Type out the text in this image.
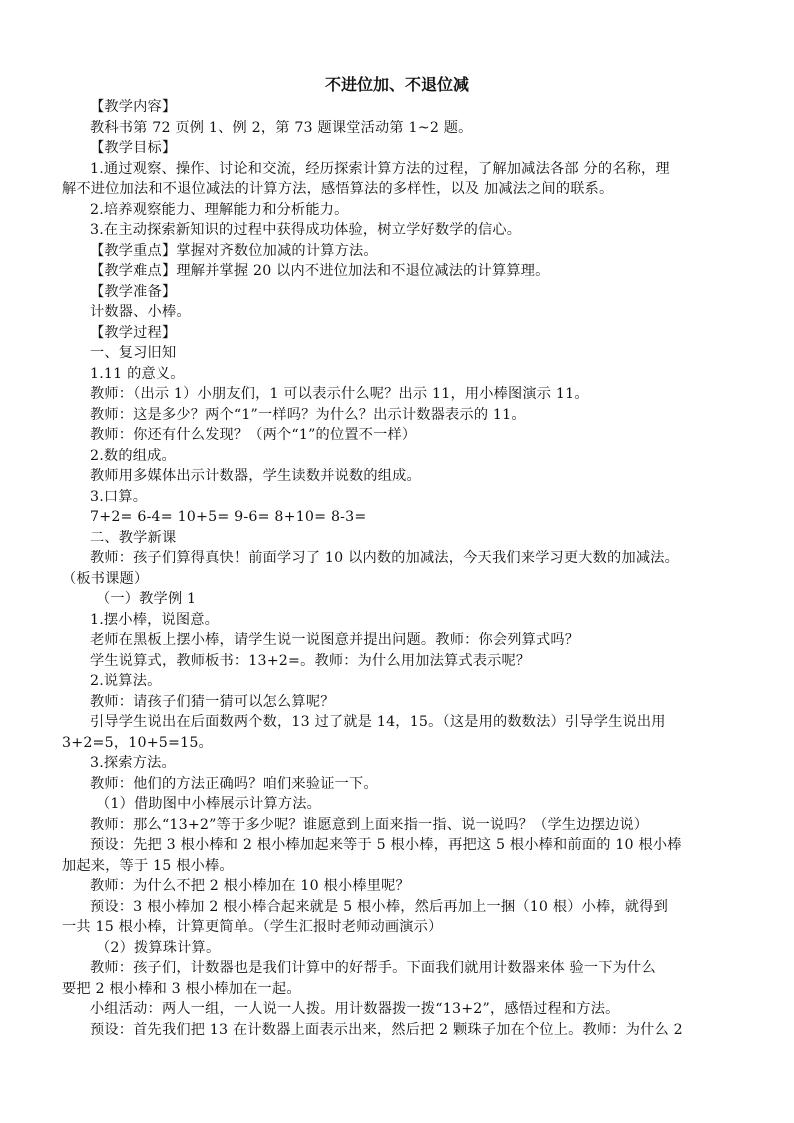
不进位加、不退位减
【教学内容】
教科书第 72 页例 1、例 2，第 73 题课堂活动第 1~2 题。
【教学目标】
1.通过观察、操作、讨论和交流，经历探索计算方法的过程，了解加减法各部 分的名称，理
解不进位加法和不退位减法的计算方法，感悟算法的多样性，以及 加减法之间的联系。
2.培养观察能力、理解能力和分析能力。
3.在主动探索新知识的过程中获得成功体验，树立学好数学的信心。
【教学重点】掌握对齐数位加减的计算方法。
【教学难点】理解并掌握 20 以内不进位加法和不退位减法的计算算理。
【教学准备】
计数器、小棒。
【教学过程】
一、复习旧知
1.11 的意义。
教师：（出示 1）小朋友们，1 可以表示什么呢？出示 11，用小棒图演示 11。
教师：这是多少？两个“1”一样吗？为什么？出示计数器表示的 11。
教师：你还有什么发现？（两个“1”的位置不一样）
2.数的组成。
教师用多媒体出示计数器，学生读数并说数的组成。
3.口算。
7+2= 6-4= 10+5= 9-6= 8+10= 8-3=
二、教学新课
教师：孩子们算得真快！前面学习了 10 以内数的加减法，今天我们来学习更大数的加减法。
（板书课题）
（一）教学例 1
1.摆小棒，说图意。
老师在黑板上摆小棒，请学生说一说图意并提出问题。教师：你会列算式吗？
学生说算式，教师板书：13+2=。教师：为什么用加法算式表示呢？
2.说算法。
教师：请孩子们猜一猜可以怎么算呢？
引导学生说出在后面数两个数，13 过了就是 14，15。（这是用的数数法）引导学生说出用
3+2=5，10+5=15。
3.探索方法。
教师：他们的方法正确吗？咱们来验证一下。
（1）借助图中小棒展示计算方法。
教师：那么“13+2”等于多少呢？谁愿意到上面来指一指、说一说吗？（学生边摆边说）
预设：先把 3 根小棒和 2 根小棒加起来等于 5 根小棒，再把这 5 根小棒和前面的 10 根小棒
加起来，等于 15 根小棒。
教师：为什么不把 2 根小棒加在 10 根小棒里呢？
预设：3 根小棒加 2 根小棒合起来就是 5 根小棒，然后再加上一捆（10 根）小棒，就得到
一共 15 根小棒，计算更简单。（学生汇报时老师动画演示）
（2）拨算珠计算。
教师：孩子们，计数器也是我们计算中的好帮手。下面我们就用计数器来体 验一下为什么
要把 2 根小棒和 3 根小棒加在一起。
小组活动：两人一组，一人说一人拨。用计数器拨一拨“13+2”，感悟过程和方法。
预设：首先我们把 13 在计数器上面表示出来，然后把 2 颗珠子加在个位上。教师：为什么 2
